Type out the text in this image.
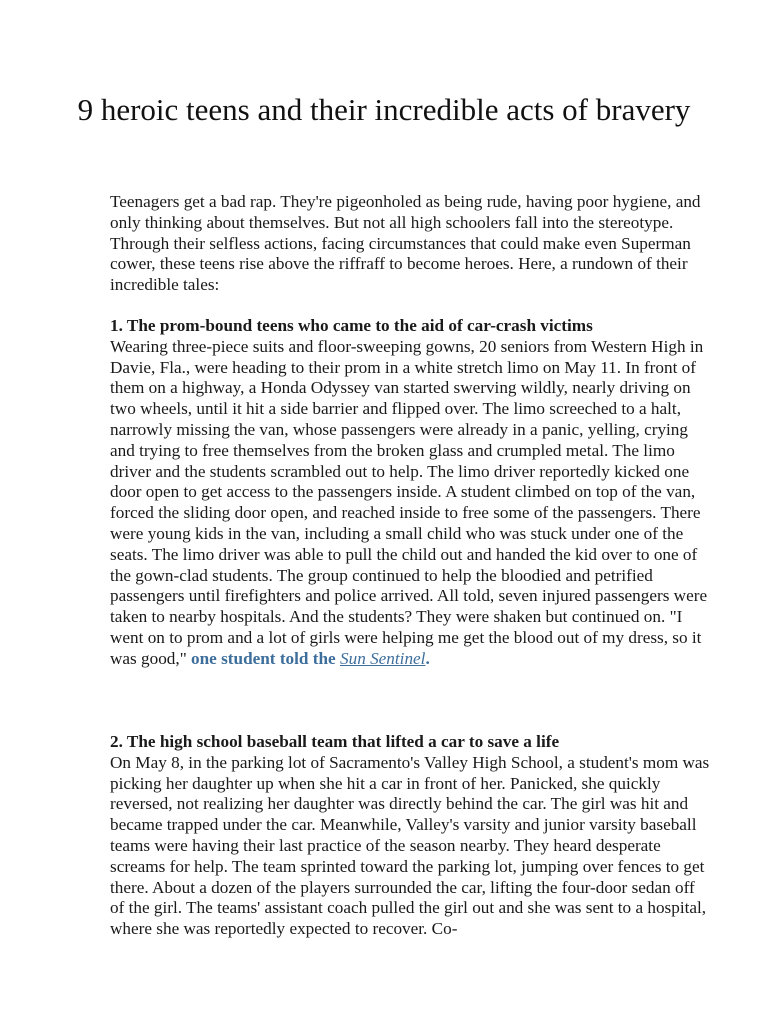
9 heroic teens and their incredible acts of bravery

Teenagers get a bad rap. They're pigeonholed as being rude, having poor hygiene, and only thinking about themselves. But not all high schoolers fall into the stereotype. Through their selfless actions, facing circumstances that could make even Superman cower, these teens rise above the riffraff to become heroes. Here, a rundown of their incredible tales:

1. The prom-bound teens who came to the aid of car-crash victims
Wearing three-piece suits and floor-sweeping gowns, 20 seniors from Western High in Davie, Fla., were heading to their prom in a white stretch limo on May 11. In front of them on a highway, a Honda Odyssey van started swerving wildly, nearly driving on two wheels, until it hit a side barrier and flipped over. The limo screeched to a halt, narrowly missing the van, whose passengers were already in a panic, yelling, crying and trying to free themselves from the broken glass and crumpled metal. The limo driver and the students scrambled out to help. The limo driver reportedly kicked one door open to get access to the passengers inside. A student climbed on top of the van, forced the sliding door open, and reached inside to free some of the passengers. There were young kids in the van, including a small child who was stuck under one of the seats. The limo driver was able to pull the child out and handed the kid over to one of the gown-clad students. The group continued to help the bloodied and petrified passengers until firefighters and police arrived. All told, seven injured passengers were taken to nearby hospitals. And the students? They were shaken but continued on. "I went on to prom and a lot of girls were helping me get the blood out of my dress, so it was good," one student told the Sun Sentinel.
2. The high school baseball team that lifted a car to save a life
On May 8, in the parking lot of Sacramento's Valley High School, a student's mom was picking her daughter up when she hit a car in front of her. Panicked, she quickly reversed, not realizing her daughter was directly behind the car. The girl was hit and became trapped under the car. Meanwhile, Valley's varsity and junior varsity baseball teams were having their last practice of the season nearby. They heard desperate screams for help. The team sprinted toward the parking lot, jumping over fences to get there. About a dozen of the players surrounded the car, lifting the four-door sedan off of the girl. The teams' assistant coach pulled the girl out and she was sent to a hospital, where she was reportedly expected to recover. Co-
